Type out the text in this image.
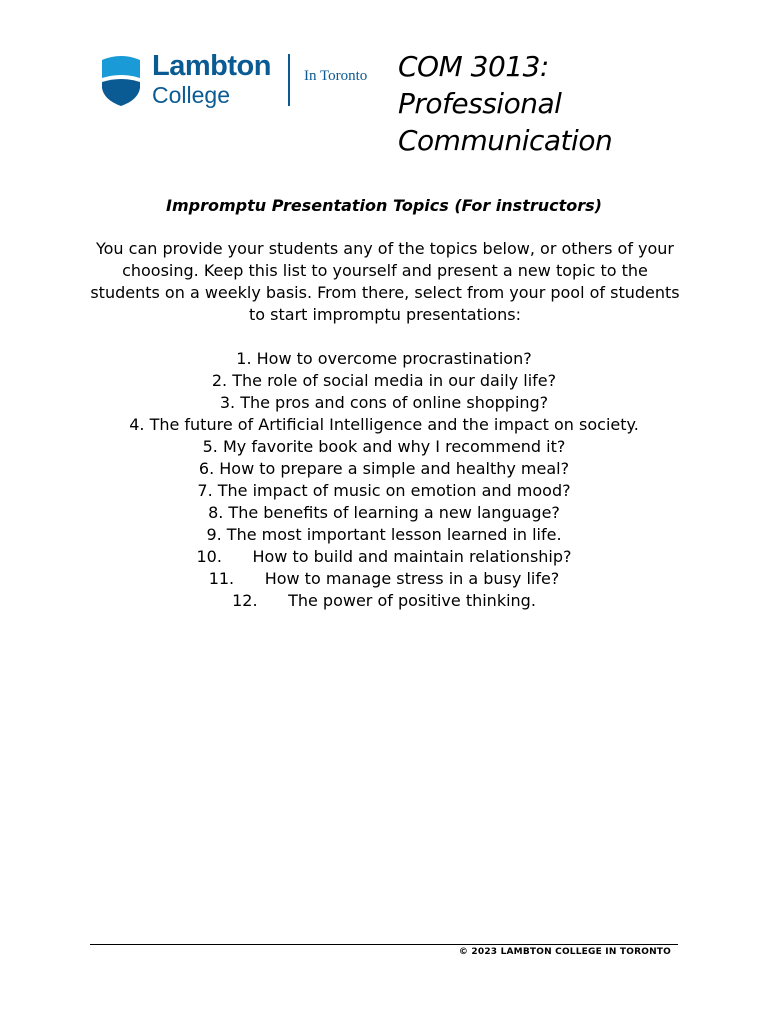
Lambton
College
In Toronto COM 3013:
Professional
Communication
Impromptu Presentation Topics (For instructors)
You can provide your students any of the topics below, or others of your choosing. Keep this list to yourself and present a new topic to the students on a weekly basis. From there, select from your pool of students to start impromptu presentations:
1. How to overcome procrastination?
2. The role of social media in our daily life?
3. The pros and cons of online shopping?
4. The future of Artificial Intelligence and the impact on society.
5. My favorite book and why I recommend it?
6. How to prepare a simple and healthy meal?
7. The impact of music on emotion and mood?
8. The benefits of learning a new language?
9. The most important lesson learned in life.
10. How to build and maintain relationship?
11. How to manage stress in a busy life?
12. The power of positive thinking.
© 2023 LAMBTON COLLEGE IN TORONTO
